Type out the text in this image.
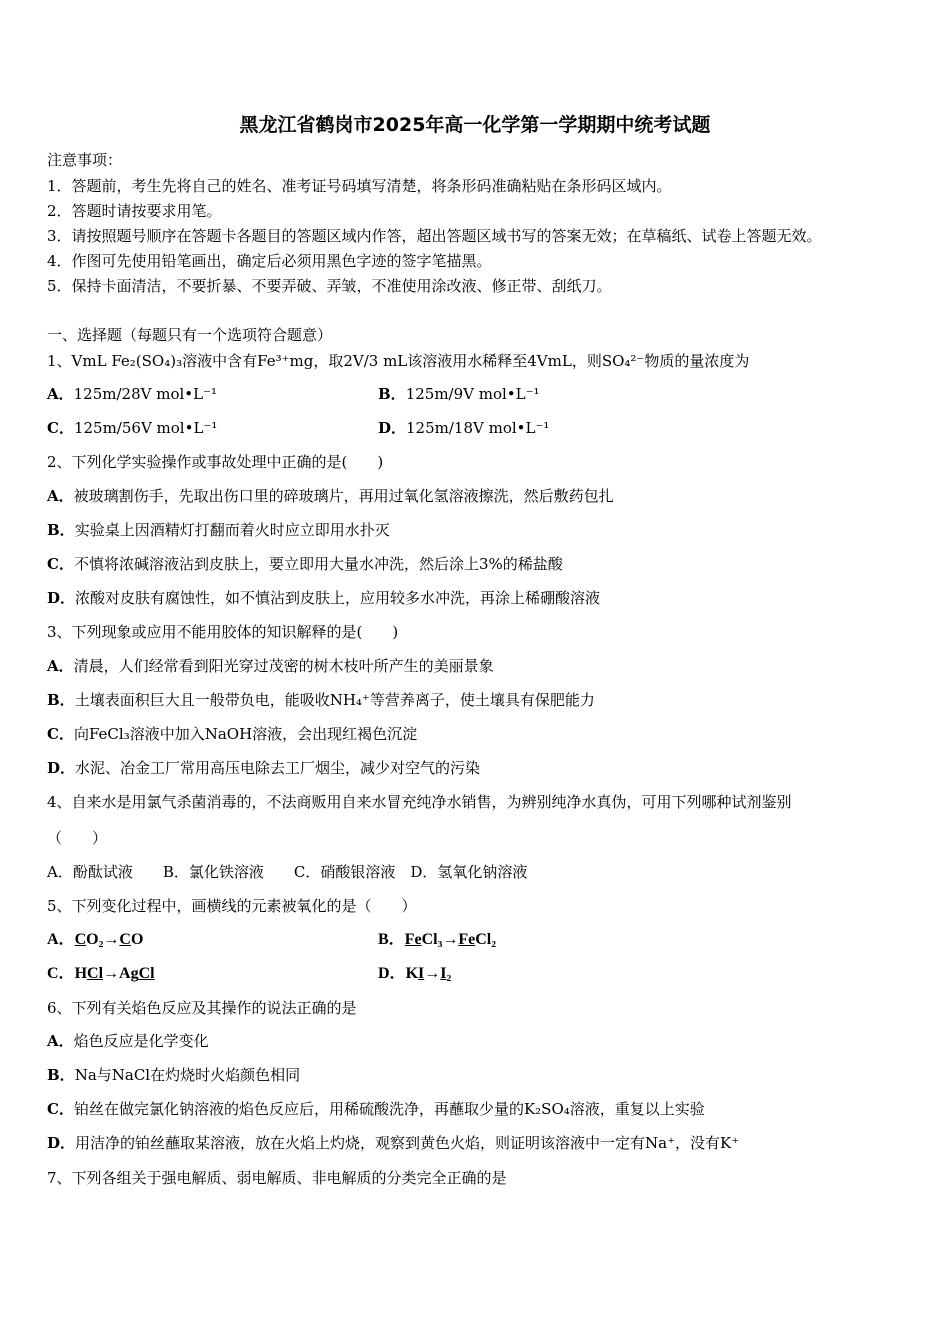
黑龙江省鹤岗市2025年高一化学第一学期期中统考试题
注意事项：
1．答题前，考生先将自己的姓名、准考证号码填写清楚，将条形码准确粘贴在条形码区域内。
2．答题时请按要求用笔。
3．请按照题号顺序在答题卡各题目的答题区域内作答，超出答题区域书写的答案无效；在草稿纸、试卷上答题无效。
4．作图可先使用铅笔画出，确定后必须用黑色字迹的签字笔描黑。
5．保持卡面清洁，不要折暴、不要弄破、弄皱，不准使用涂改液、修正带、刮纸刀。
一、选择题（每题只有一个选项符合题意）
1、VmL Fe₂(SO₄)₃溶液中含有Fe³⁺mg，取2V/3 mL该溶液用水稀释至4VmL，则SO₄²⁻物质的量浓度为
A．125m/28V mol•L⁻¹	B．125m/9V mol•L⁻¹
C．125m/56V mol•L⁻¹	D．125m/18V mol•L⁻¹
2、下列化学实验操作或事故处理中正确的是(　　)
A．被玻璃割伤手，先取出伤口里的碎玻璃片，再用过氧化氢溶液擦洗，然后敷药包扎
B．实验桌上因酒精灯打翻而着火时应立即用水扑灭
C．不慎将浓碱溶液沾到皮肤上，要立即用大量水冲洗，然后涂上3%的稀盐酸
D．浓酸对皮肤有腐蚀性，如不慎沾到皮肤上，应用较多水冲洗，再涂上稀硼酸溶液
3、下列现象或应用不能用胶体的知识解释的是(　　)
A．清晨，人们经常看到阳光穿过茂密的树木枝叶所产生的美丽景象
B．土壤表面积巨大且一般带负电，能吸收NH₄⁺等营养离子，使土壤具有保肥能力
C．向FeCl₃溶液中加入NaOH溶液，会出现红褐色沉淀
D．水泥、冶金工厂常用高压电除去工厂烟尘，减少对空气的污染
4、自来水是用氯气杀菌消毒的，不法商贩用自来水冒充纯净水销售，为辨别纯净水真伪，可用下列哪种试剂鉴别
（　　）
A．酚酞试液　　B．氯化铁溶液　　C．硝酸银溶液　D．氢氧化钠溶液
5、下列变化过程中，画横线的元素被氧化的是（　　）
A．CO₂→CO	B．FeCl₃→FeCl₂
C．HCl→AgCl	D．KI→I₂
6、下列有关焰色反应及其操作的说法正确的是
A．焰色反应是化学变化
B．Na与NaCl在灼烧时火焰颜色相同
C．铂丝在做完氯化钠溶液的焰色反应后，用稀硫酸洗净，再蘸取少量的K₂SO₄溶液，重复以上实验
D．用洁净的铂丝蘸取某溶液，放在火焰上灼烧，观察到黄色火焰，则证明该溶液中一定有Na⁺，没有K⁺
7、下列各组关于强电解质、弱电解质、非电解质的分类完全正确的是
